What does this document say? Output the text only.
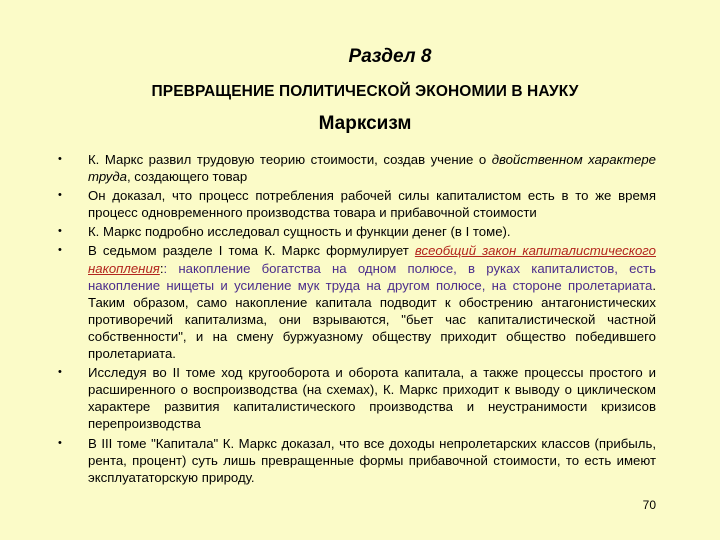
Раздел 8
ПРЕВРАЩЕНИЕ ПОЛИТИЧЕСКОЙ ЭКОНОМИИ В НАУКУ
Марксизм
• К. Маркс развил трудовую теорию стоимости, создав учение о двойственном характере труда, создающего товар
• Он доказал, что процесс потребления рабочей силы капиталистом есть в то же время процесс одновременного производства товара и прибавочной стоимости
• К. Маркс подробно исследовал сущность и функции денег (в I томе).
• В седьмом разделе I тома К. Маркс формулирует всеобщий закон капиталистического накопления:: накопление богатства на одном полюсе, в руках капиталистов, есть накопление нищеты и усиление мук труда на другом полюсе, на стороне пролетариата. Таким образом, само накопление капитала подводит к обострению антагонистических противоречий капитализма, они взрываются, "бьет час капиталистической частной собственности", и на смену буржуазному обществу приходит общество победившего пролетариата.
• Исследуя во II томе ход кругооборота и оборота капитала, а также процессы простого и расширенного о воспроизводства (на схемах), К. Маркс приходит к выводу о циклическом характере развития капиталистического производства и неустранимости кризисов перепроизводства
• В III томе "Капитала" К. Маркс доказал, что все доходы непролетарских классов (прибыль, рента, процент) суть лишь превращенные формы прибавочной стоимости, то есть имеют эксплуататорскую природу.
70
